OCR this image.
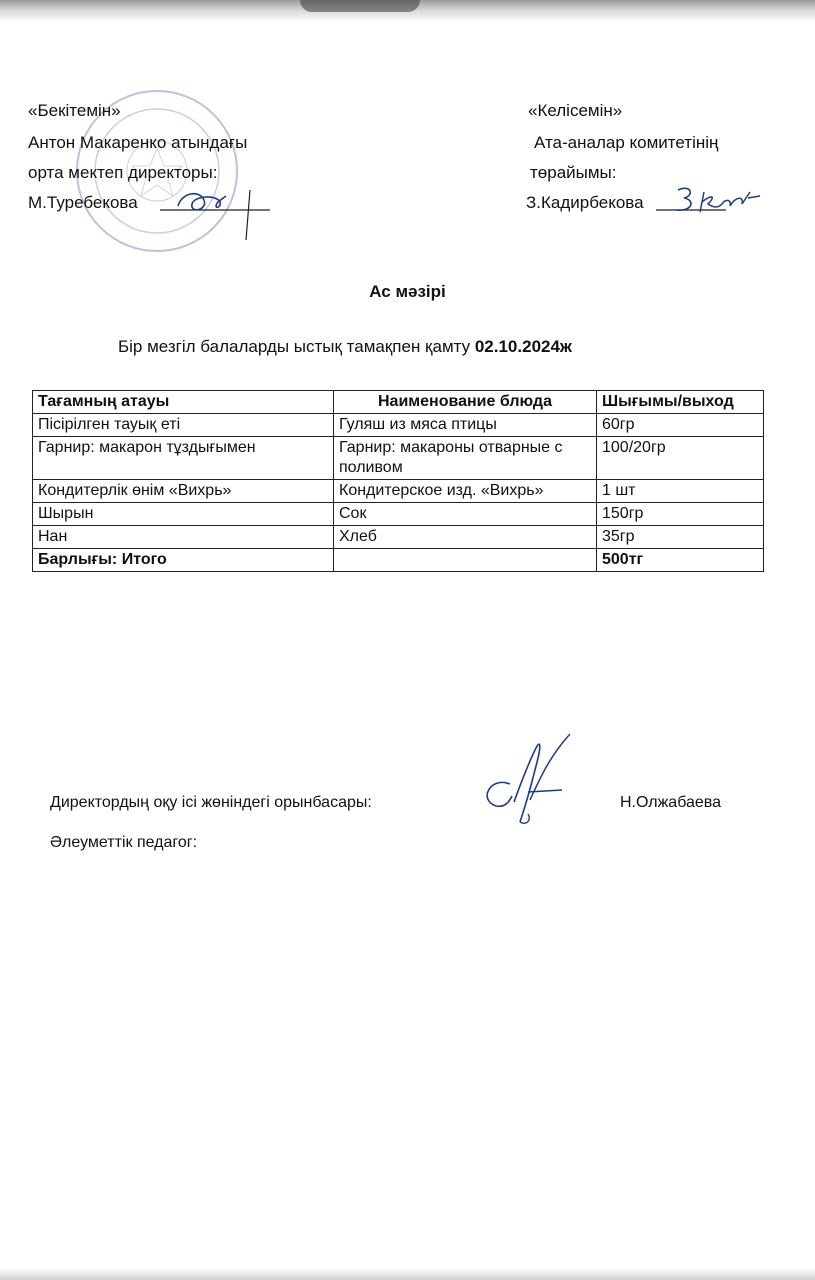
«Бекітемін»
Антон Макаренко атындағы
орта мектеп директоры:
М.Туребекова
«Келісемін»
Ата-аналар комитетінің
төрайымы:
З.Кадирбекова
Ас мәзірі
Бір мезгіл балаларды ыстық тамақпен қамту 02.10.2024ж
Тағамның атауы	Наименование блюда	Шығымы/выход
Пісірілген тауық еті	Гуляш из мяса птицы	60гр
Гарнир: макарон тұздығымен	Гарнир: макароны отварные с поливом	100/20гр
Кондитерлік өнім «Вихрь»	Кондитерское изд. «Вихрь»	1 шт
Шырын	Сок	150гр
Нан	Хлеб	35гр
Барлығы: Итого		500тг
Директордың оқу ісі жөніндегі орынбасары:	Н.Олжабаева
Әлеуметтік педагог:
